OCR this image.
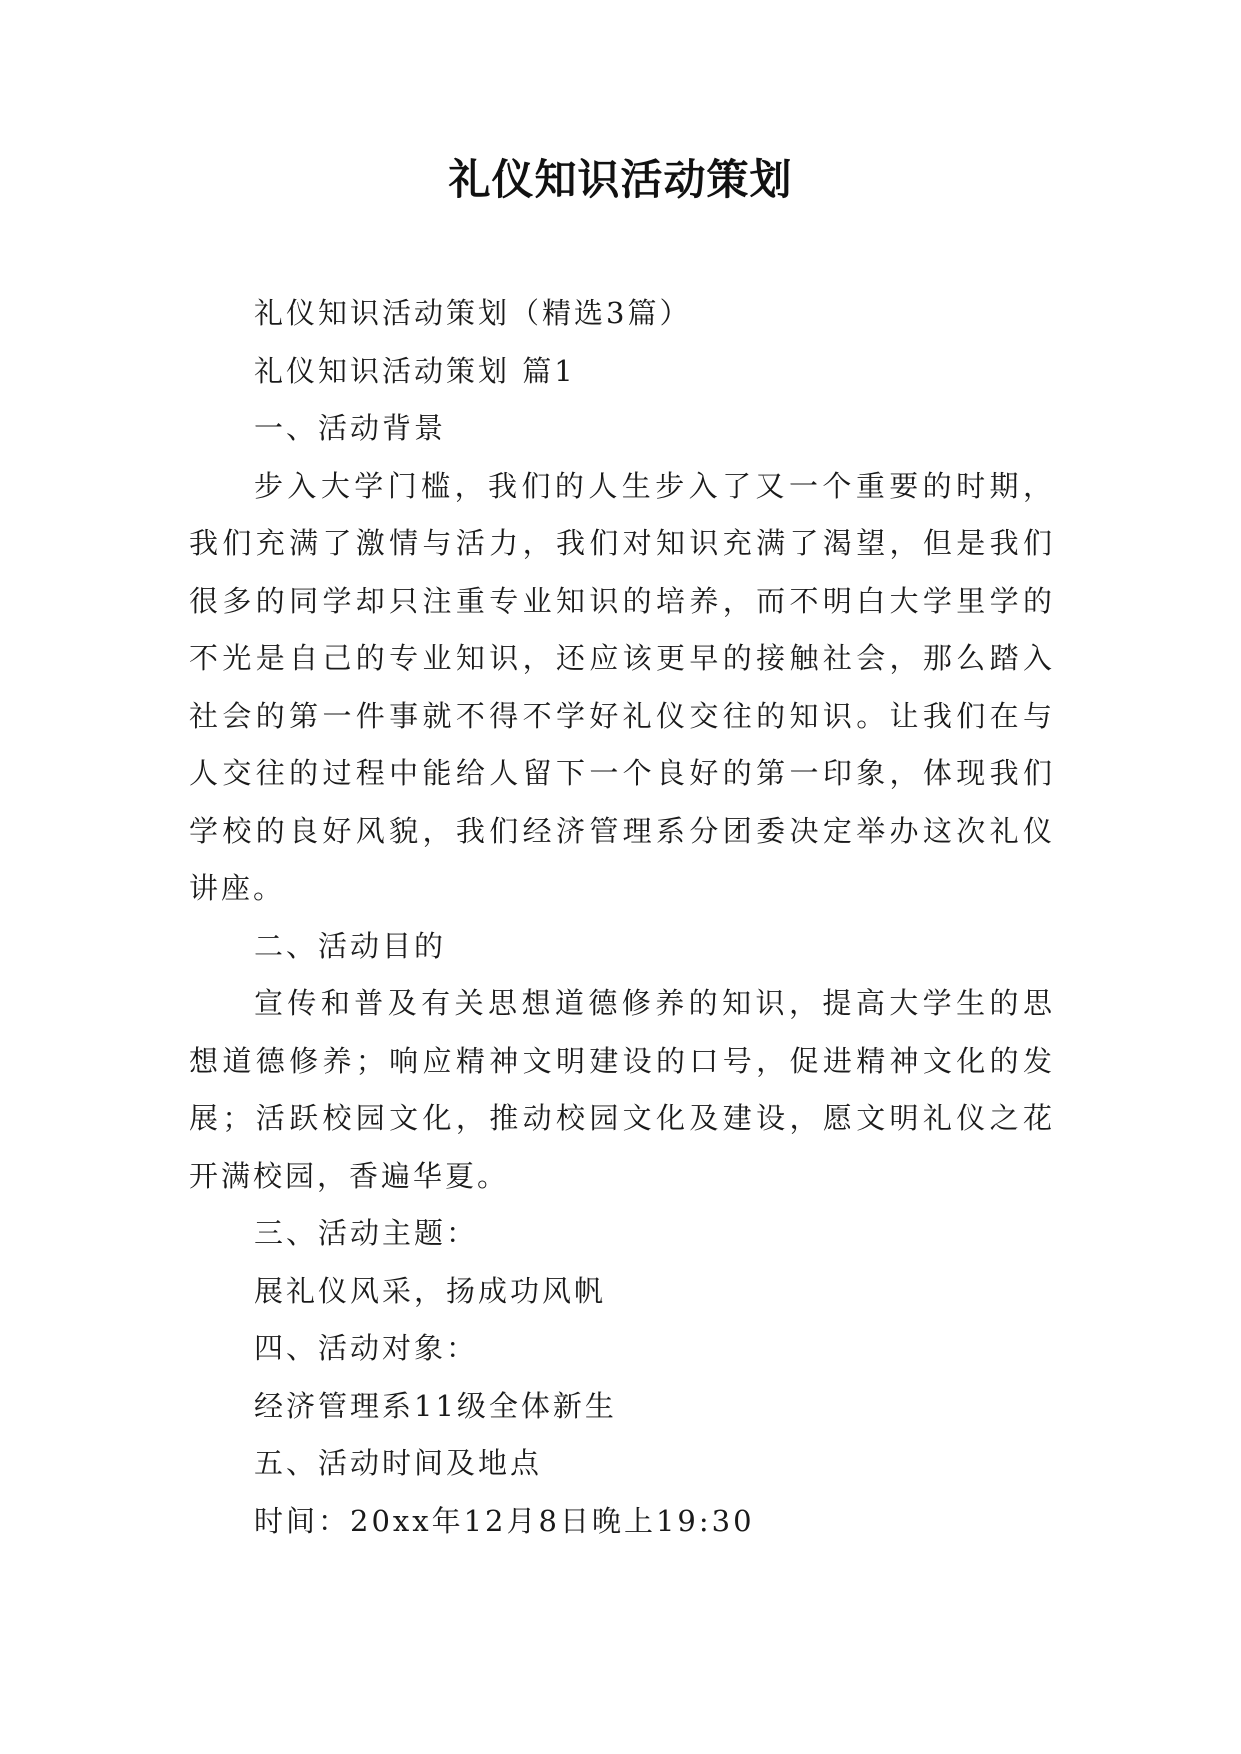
礼仪知识活动策划
礼仪知识活动策划（精选3篇）
礼仪知识活动策划 篇1
一、活动背景
步入大学门槛，我们的人生步入了又一个重要的时期，
我们充满了激情与活力，我们对知识充满了渴望，但是我们
很多的同学却只注重专业知识的培养，而不明白大学里学的
不光是自己的专业知识，还应该更早的接触社会，那么踏入
社会的第一件事就不得不学好礼仪交往的知识。让我们在与
人交往的过程中能给人留下一个良好的第一印象，体现我们
学校的良好风貌，我们经济管理系分团委决定举办这次礼仪
讲座。
二、活动目的
宣传和普及有关思想道德修养的知识，提高大学生的思
想道德修养；响应精神文明建设的口号，促进精神文化的发
展；活跃校园文化，推动校园文化及建设，愿文明礼仪之花
开满校园，香遍华夏。
三、活动主题：
展礼仪风采，扬成功风帆
四、活动对象：
经济管理系11级全体新生
五、活动时间及地点
时间：20xx年12月8日晚上19:30
